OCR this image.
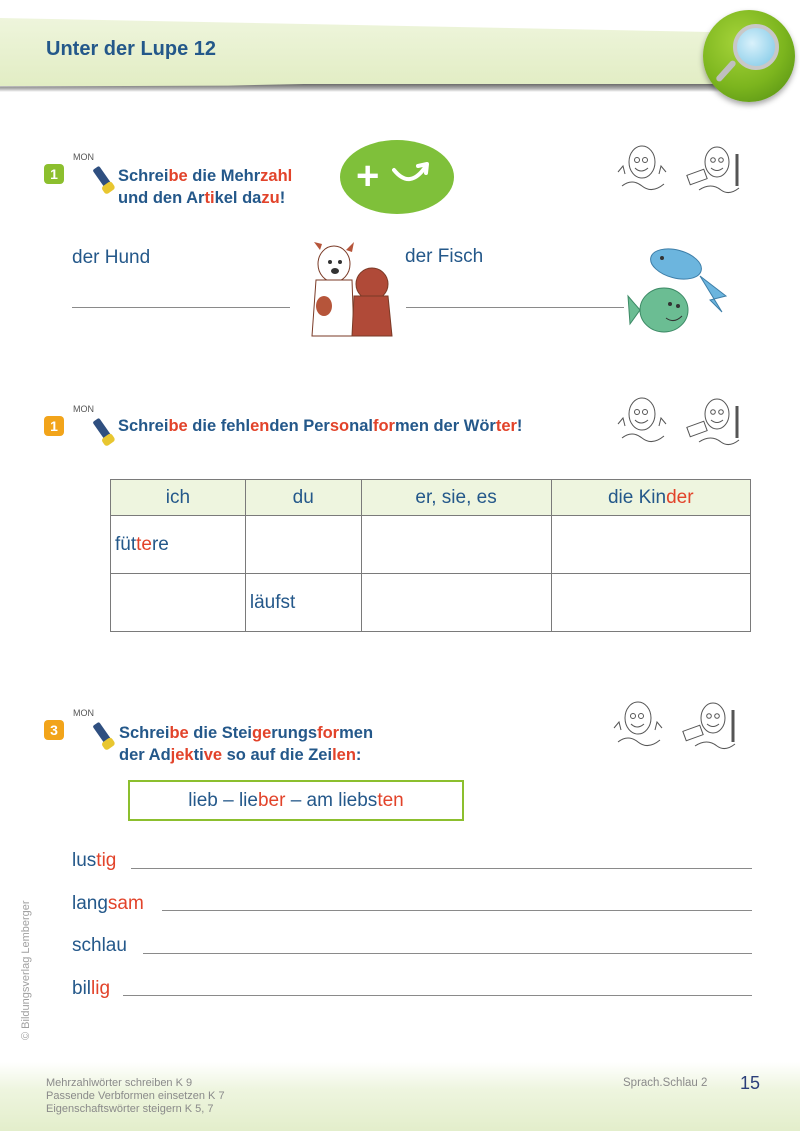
Unter der Lupe 12
1
MON
Schreibe die Mehrzahl
und den Artikel dazu! +
der Hund	der Fisch
1
MON
Schreibe die fehlenden Personalformen der Wörter!
ich	du	er, sie, es	die Kinder
füttere			
	läufst		
3
MON
Schreibe die Steigerungsformen
der Adjektive so auf die Zeilen:
lieb – lieber – am liebsten
lustig
langsam
schlau
billig
© Bildungsverlag Lemberger
Mehrzahlwörter schreiben K 9
Passende Verbformen einsetzen K 7
Eigenschaftswörter steigern K 5, 7
Sprach.Schlau 2 15
